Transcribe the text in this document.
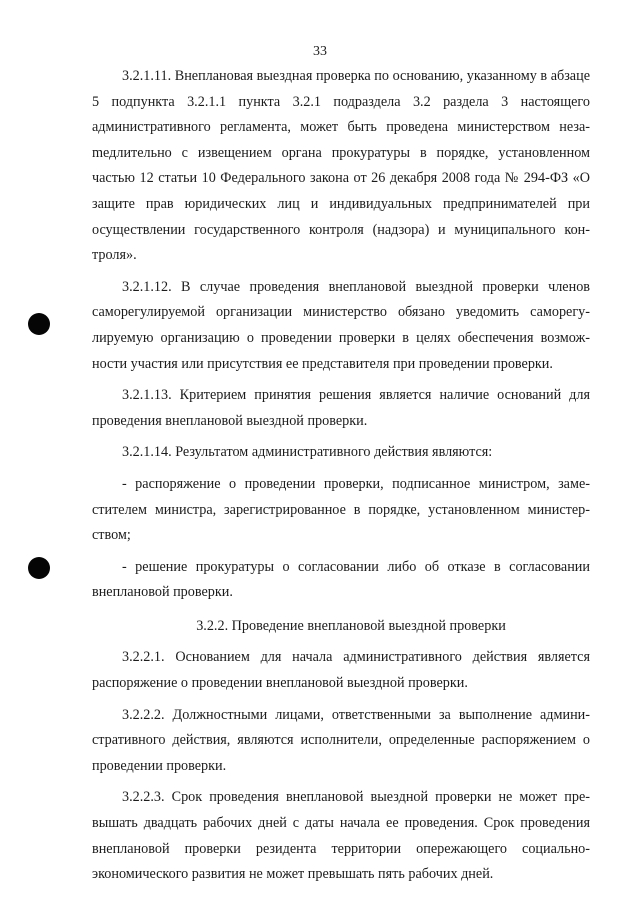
33

3.2.1.11. Внеплановая выездная проверка по основанию, указанному в абзаце 5 подпункта 3.2.1.1 пункта 3.2.1 подраздела 3.2 раздела 3 настоящего административного регламента, может быть проведена министерством незаmедлительно с извещением органа прокуратуры в порядке, установленном частью 12 статьи 10 Федерального закона от 26 декабря 2008 года № 294-ФЗ «О защите прав юридических лиц и индивидуальных предпринимателей при осуществлении государственного контроля (надзора) и муниципального контроля».

3.2.1.12. В случае проведения внеплановой выездной проверки членов саморегулируемой организации министерство обязано уведомить саморегулируемую организацию о проведении проверки в целях обеспечения возможности участия или присутствия ее представителя при проведении проверки.

3.2.1.13. Критерием принятия решения является наличие оснований для проведения внеплановой выездной проверки.

3.2.1.14. Результатом административного действия являются:

- распоряжение о проведении проверки, подписанное министром, заместителем министра, зарегистрированное в порядке, установленном министерством;

- решение прокуратуры о согласовании либо об отказе в согласовании внеплановой проверки.

3.2.2. Проведение внеплановой выездной проверки

3.2.2.1. Основанием для начала административного действия является распоряжение о проведении внеплановой выездной проверки.

3.2.2.2. Должностными лицами, ответственными за выполнение административного действия, являются исполнители, определенные распоряжением о проведении проверки.

3.2.2.3. Срок проведения внеплановой выездной проверки не может превышать двадцать рабочих дней с даты начала ее проведения. Срок проведения внеплановой проверки резидента территории опережающего социально-экономического развития не может превышать пять рабочих дней.
